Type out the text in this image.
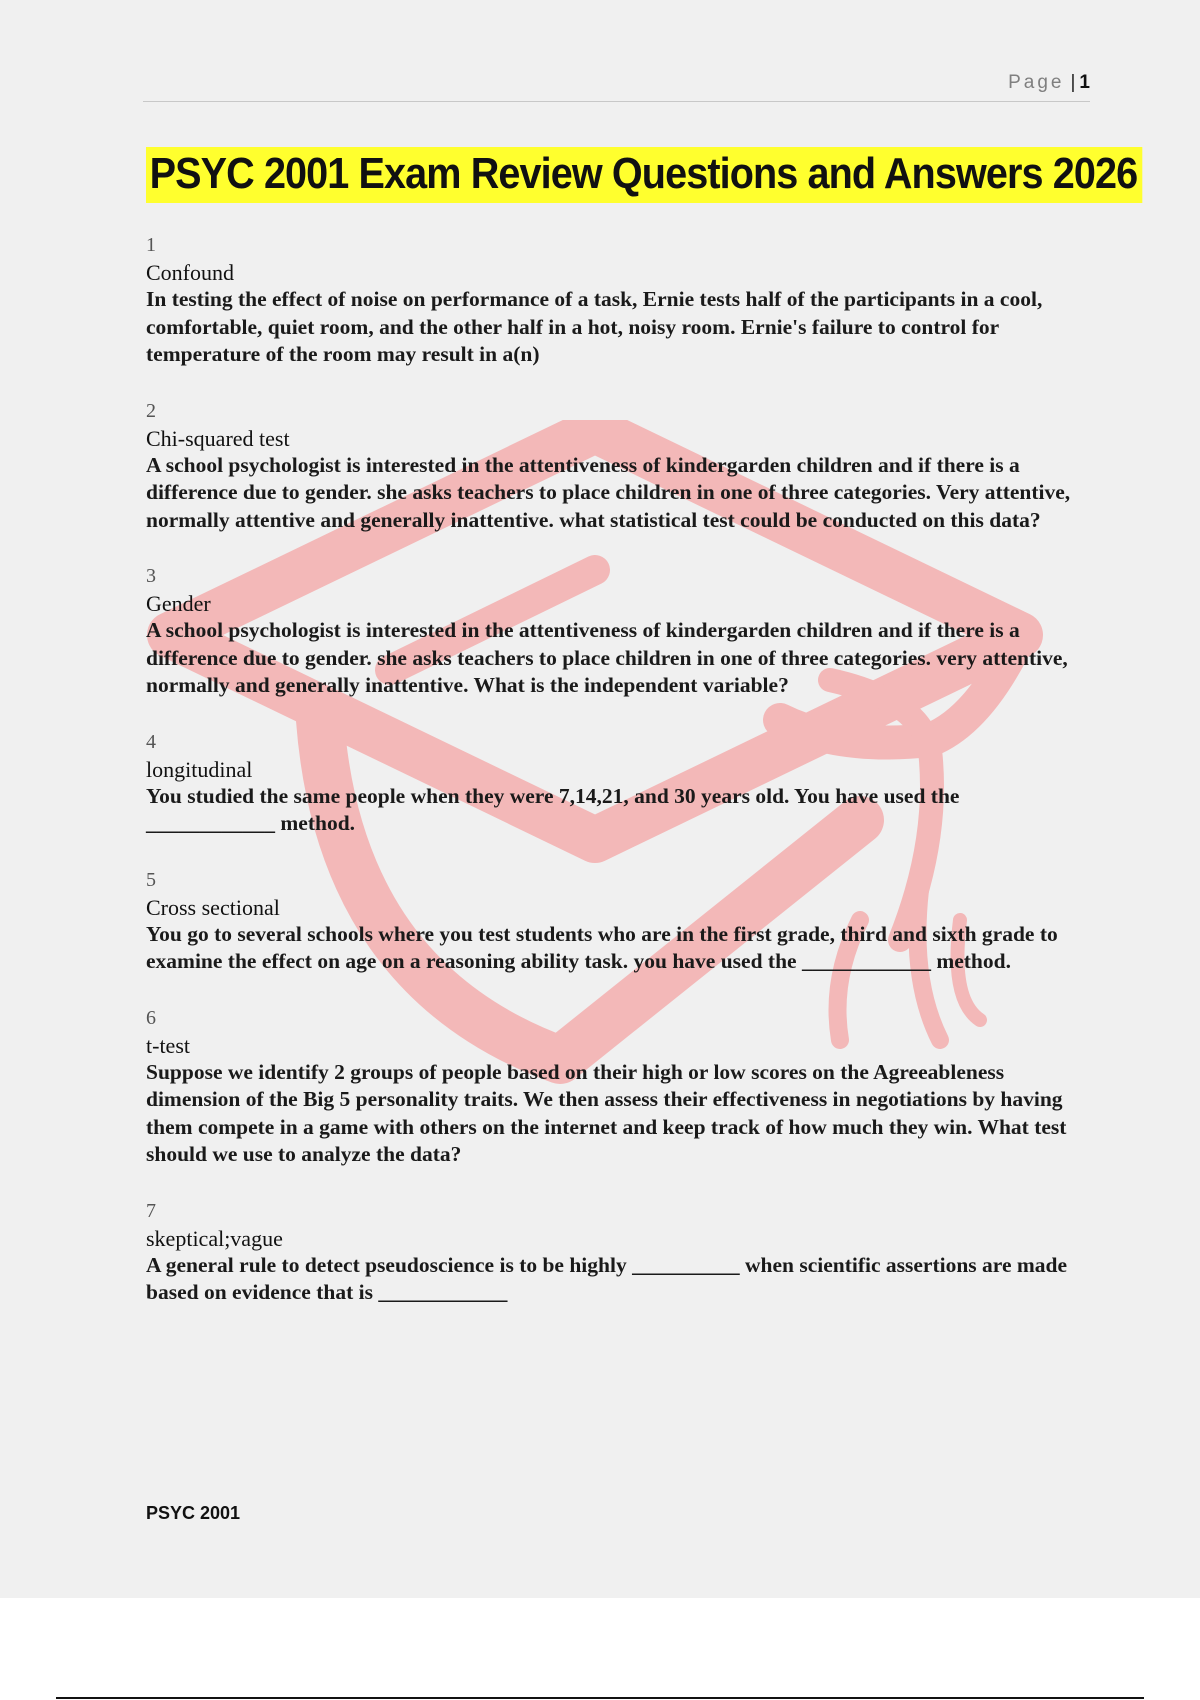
Page | 1
PSYC 2001 Exam Review Questions and Answers 2026
1
Confound
In testing the effect of noise on performance of a task, Ernie tests half of the participants in a cool, comfortable, quiet room, and the other half in a hot, noisy room. Ernie's failure to control for temperature of the room may result in a(n)
2
Chi-squared test
A school psychologist is interested in the attentiveness of kindergarden children and if there is a difference due to gender. she asks teachers to place children in one of three categories. Very attentive, normally attentive and generally inattentive. what statistical test could be conducted on this data?
3
Gender
A school psychologist is interested in the attentiveness of kindergarden children and if there is a difference due to gender. she asks teachers to place children in one of three categories. very attentive, normally and generally inattentive. What is the independent variable?
4
longitudinal
You studied the same people when they were 7,14,21, and 30 years old. You have used the ____________ method.
5
Cross sectional
You go to several schools where you test students who are in the first grade, third and sixth grade to examine the effect on age on a reasoning ability task. you have used the ____________ method.
6
t-test
Suppose we identify 2 groups of people based on their high or low scores on the Agreeableness dimension of the Big 5 personality traits. We then assess their effectiveness in negotiations by having them compete in a game with others on the internet and keep track of how much they win. What test should we use to analyze the data?
7
skeptical;vague
A general rule to detect pseudoscience is to be highly __________ when scientific assertions are made based on evidence that is ____________
PSYC 2001
